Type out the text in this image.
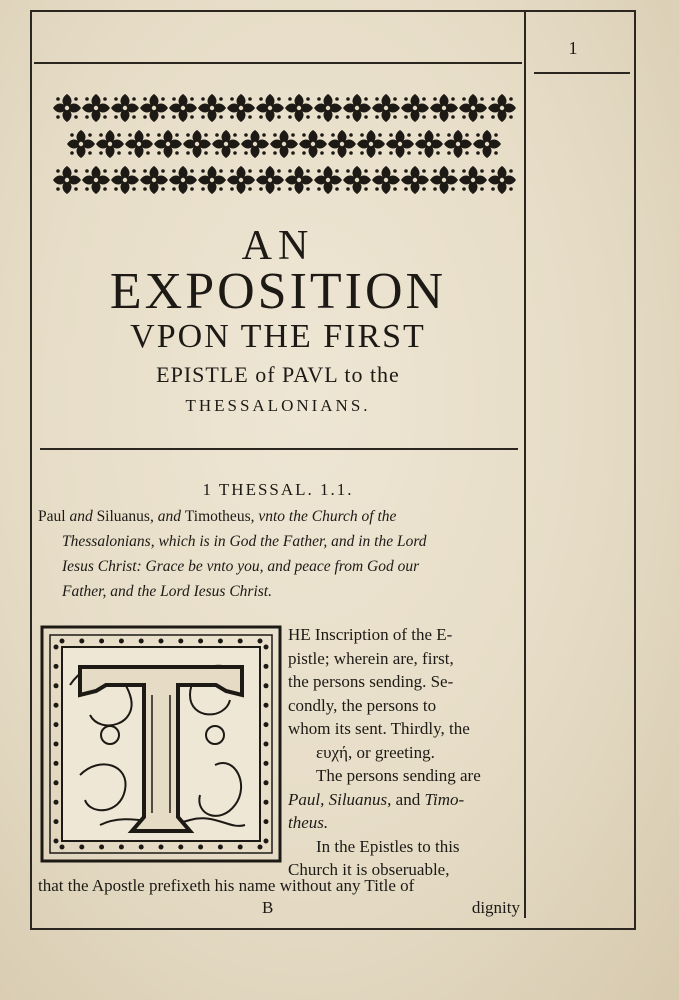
1
AN
EXPOSITION
VPON THE FIRST
EPISTLE of PAVL to the
THESSALONIANS.
1 THESSAL. 1.1.
Paul and Siluanus, and Timotheus, vnto the Church of the
Thessalonians, which is in God the Father, and in the Lord
Iesus Christ: Grace be vnto you, and peace from God our
Father, and the Lord Iesus Christ.
HE Inscription of the E-
pistle; wherein are, first,
the persons sending. Se-
condly, the persons to
whom its sent. Thirdly, the
ευχή, or greeting.
The persons sending are
Paul, Siluanus, and Timo-
theus.
In the Epistles to this
Church it is obseruable,
that the Apostle prefixeth his name without any Title of
B	dignity
